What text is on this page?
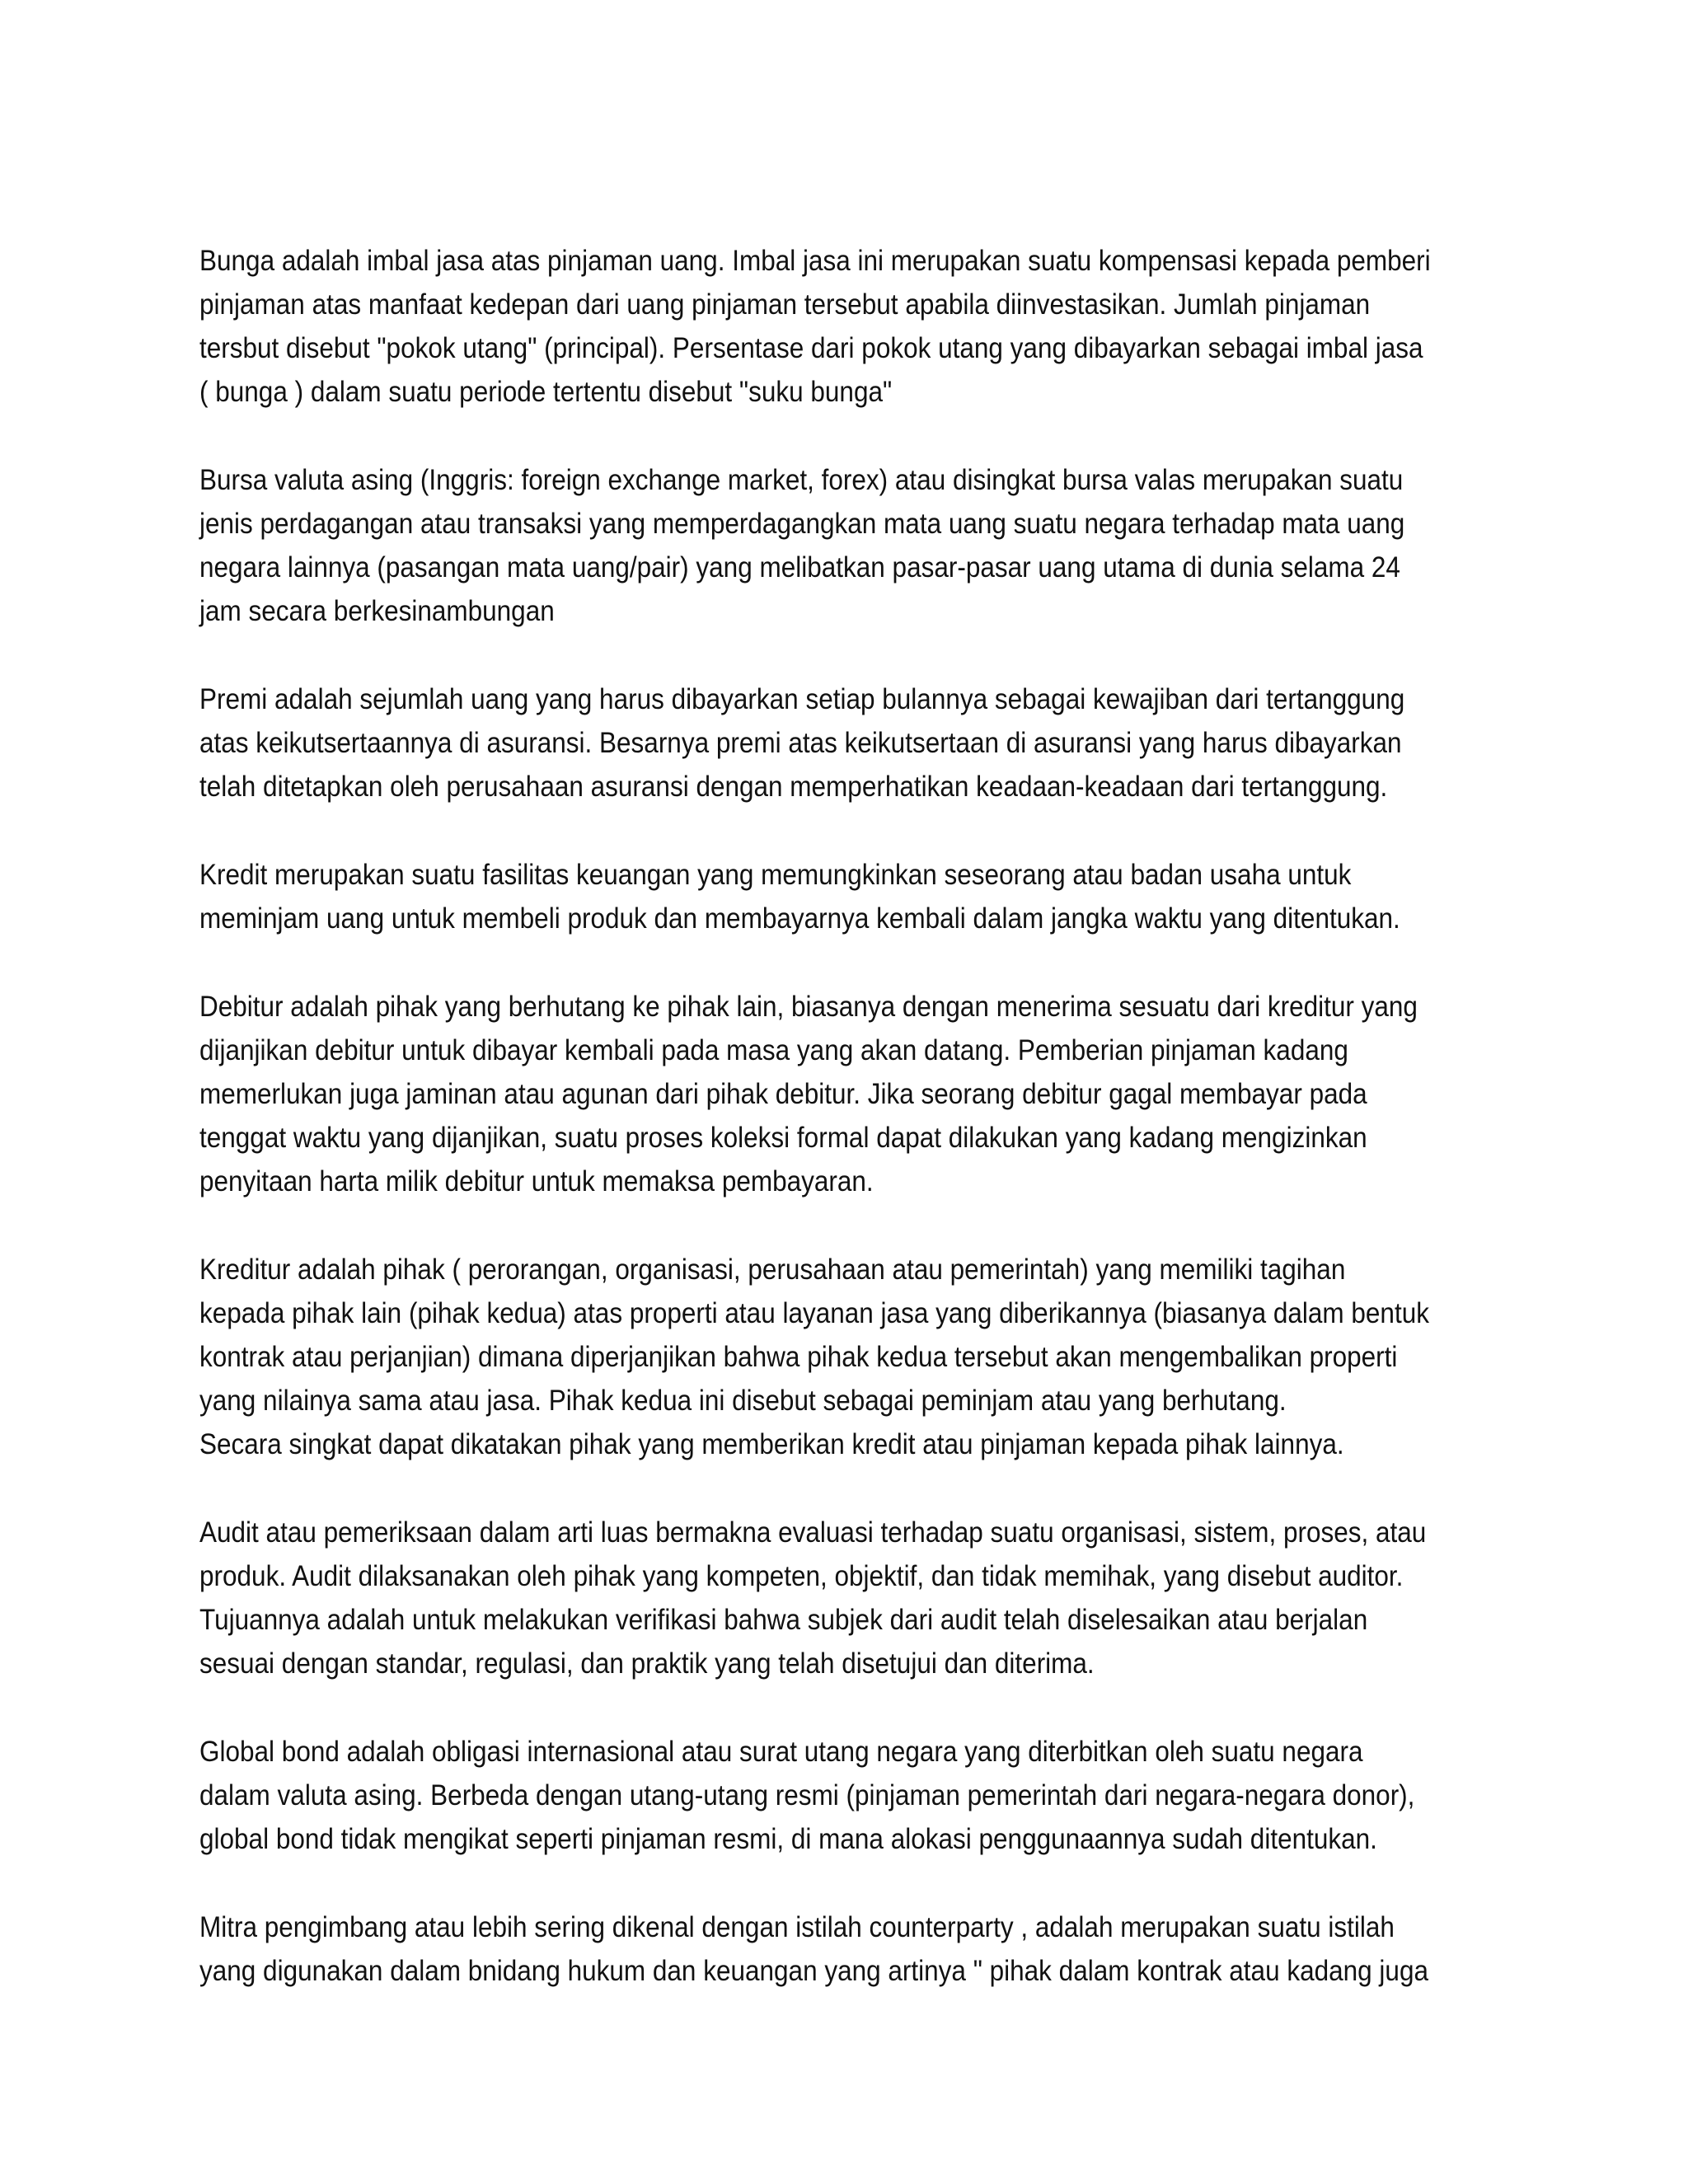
Bunga adalah imbal jasa atas pinjaman uang. Imbal jasa ini merupakan suatu kompensasi kepada pemberi
pinjaman atas manfaat kedepan dari uang pinjaman tersebut apabila diinvestasikan. Jumlah pinjaman
tersbut disebut "pokok utang" (principal). Persentase dari pokok utang yang dibayarkan sebagai imbal jasa
( bunga ) dalam suatu periode tertentu disebut "suku bunga"

Bursa valuta asing (Inggris: foreign exchange market, forex) atau disingkat bursa valas merupakan suatu
jenis perdagangan atau transaksi yang memperdagangkan mata uang suatu negara terhadap mata uang
negara lainnya (pasangan mata uang/pair) yang melibatkan pasar-pasar uang utama di dunia selama 24
jam secara berkesinambungan

Premi adalah sejumlah uang yang harus dibayarkan setiap bulannya sebagai kewajiban dari tertanggung
atas keikutsertaannya di asuransi. Besarnya premi atas keikutsertaan di asuransi yang harus dibayarkan
telah ditetapkan oleh perusahaan asuransi dengan memperhatikan keadaan-keadaan dari tertanggung.

Kredit merupakan suatu fasilitas keuangan yang memungkinkan seseorang atau badan usaha untuk
meminjam uang untuk membeli produk dan membayarnya kembali dalam jangka waktu yang ditentukan.

Debitur adalah pihak yang berhutang ke pihak lain, biasanya dengan menerima sesuatu dari kreditur yang
dijanjikan debitur untuk dibayar kembali pada masa yang akan datang. Pemberian pinjaman kadang
memerlukan juga jaminan atau agunan dari pihak debitur. Jika seorang debitur gagal membayar pada
tenggat waktu yang dijanjikan, suatu proses koleksi formal dapat dilakukan yang kadang mengizinkan
penyitaan harta milik debitur untuk memaksa pembayaran.

Kreditur adalah pihak ( perorangan, organisasi, perusahaan atau pemerintah) yang memiliki tagihan
kepada pihak lain (pihak kedua) atas properti atau layanan jasa yang diberikannya (biasanya dalam bentuk
kontrak atau perjanjian) dimana diperjanjikan bahwa pihak kedua tersebut akan mengembalikan properti
yang nilainya sama atau jasa. Pihak kedua ini disebut sebagai peminjam atau yang berhutang.
Secara singkat dapat dikatakan pihak yang memberikan kredit atau pinjaman kepada pihak lainnya.

Audit atau pemeriksaan dalam arti luas bermakna evaluasi terhadap suatu organisasi, sistem, proses, atau
produk. Audit dilaksanakan oleh pihak yang kompeten, objektif, dan tidak memihak, yang disebut auditor.
Tujuannya adalah untuk melakukan verifikasi bahwa subjek dari audit telah diselesaikan atau berjalan
sesuai dengan standar, regulasi, dan praktik yang telah disetujui dan diterima.

Global bond adalah obligasi internasional atau surat utang negara yang diterbitkan oleh suatu negara
dalam valuta asing. Berbeda dengan utang-utang resmi (pinjaman pemerintah dari negara-negara donor),
global bond tidak mengikat seperti pinjaman resmi, di mana alokasi penggunaannya sudah ditentukan.

Mitra pengimbang atau lebih sering dikenal dengan istilah counterparty , adalah merupakan suatu istilah
yang digunakan dalam bnidang hukum dan keuangan yang artinya " pihak dalam kontrak atau kadang juga
